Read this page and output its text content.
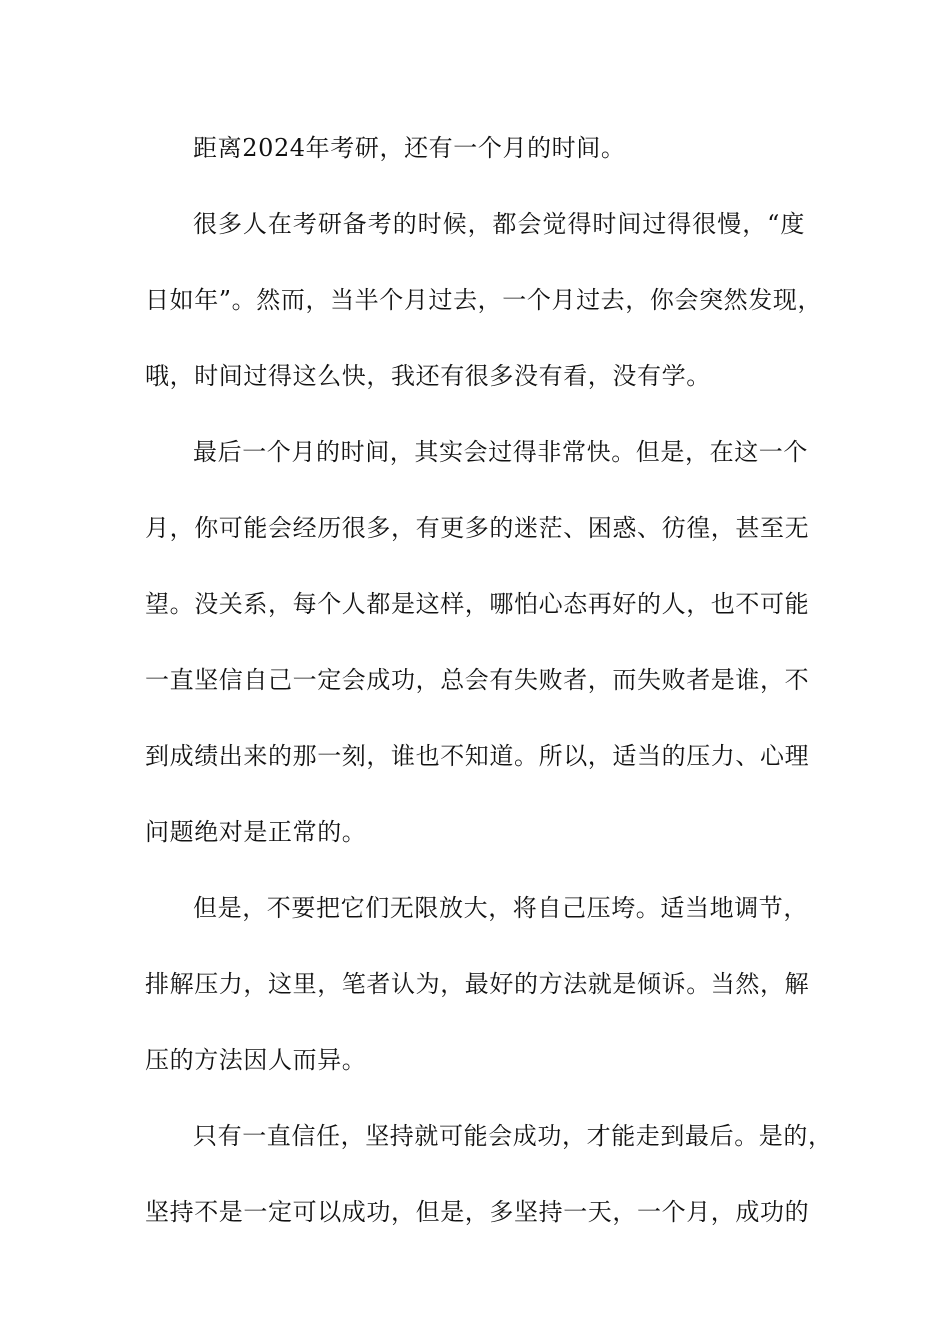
距离2024年考研，还有一个月的时间。
很多人在考研备考的时候，都会觉得时间过得很慢，“度
日如年”。然而，当半个月过去，一个月过去，你会突然发现，
哦，时间过得这么快，我还有很多没有看，没有学。
最后一个月的时间，其实会过得非常快。但是，在这一个
月，你可能会经历很多，有更多的迷茫、困惑、彷徨，甚至无
望。没关系，每个人都是这样，哪怕心态再好的人，也不可能
一直坚信自己一定会成功，总会有失败者，而失败者是谁，不
到成绩出来的那一刻，谁也不知道。所以，适当的压力、心理
问题绝对是正常的。
但是，不要把它们无限放大，将自己压垮。适当地调节，
排解压力，这里，笔者认为，最好的方法就是倾诉。当然，解
压的方法因人而异。
只有一直信任，坚持就可能会成功，才能走到最后。是的，
坚持不是一定可以成功，但是，多坚持一天，一个月，成功的
